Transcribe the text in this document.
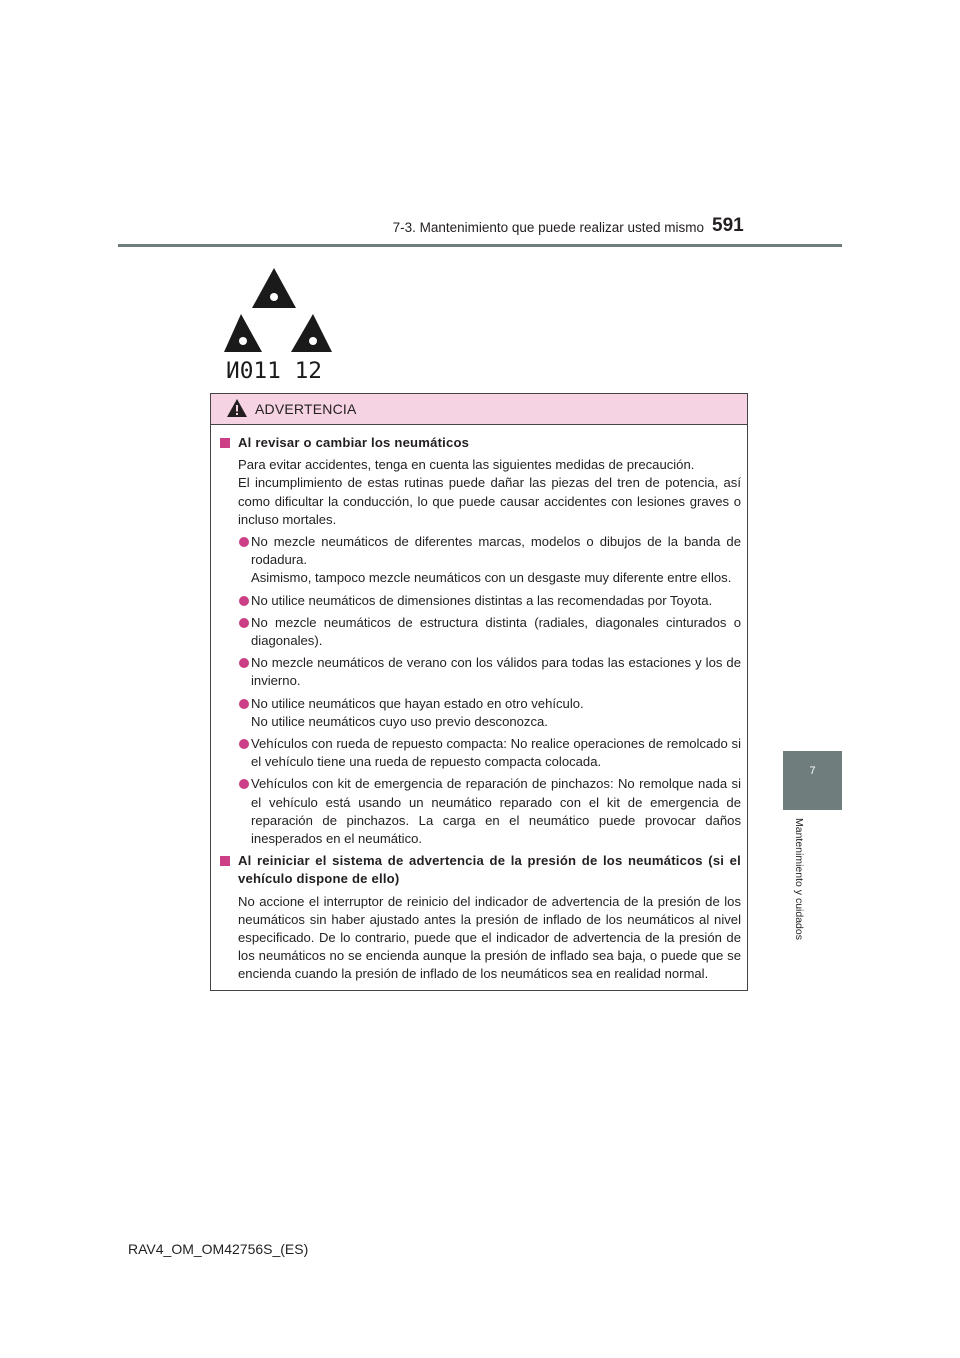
7-3. Mantenimiento que puede realizar usted mismo 591
7
Mantenimiento y cuidados
И011 12
ADVERTENCIA
Al revisar o cambiar los neumáticos
Para evitar accidentes, tenga en cuenta las siguientes medidas de precaución.
El incumplimiento de estas rutinas puede dañar las piezas del tren de potencia, así como dificultar la conducción, lo que puede causar accidentes con lesiones graves o incluso mortales.
No mezcle neumáticos de diferentes marcas, modelos o dibujos de la banda de rodadura.
Asimismo, tampoco mezcle neumáticos con un desgaste muy diferente entre ellos.
No utilice neumáticos de dimensiones distintas a las recomendadas por Toyota.
No mezcle neumáticos de estructura distinta (radiales, diagonales cinturados o diagonales).
No mezcle neumáticos de verano con los válidos para todas las estaciones y los de invierno.
No utilice neumáticos que hayan estado en otro vehículo.
No utilice neumáticos cuyo uso previo desconozca.
Vehículos con rueda de repuesto compacta: No realice operaciones de remolcado si el vehículo tiene una rueda de repuesto compacta colocada.
Vehículos con kit de emergencia de reparación de pinchazos: No remolque nada si el vehículo está usando un neumático reparado con el kit de emergencia de reparación de pinchazos. La carga en el neumático puede provocar daños inesperados en el neumático.
Al reiniciar el sistema de advertencia de la presión de los neumáticos (si el vehículo dispone de ello)
No accione el interruptor de reinicio del indicador de advertencia de la presión de los neumáticos sin haber ajustado antes la presión de inflado de los neumáticos al nivel especificado. De lo contrario, puede que el indicador de advertencia de la presión de los neumáticos no se encienda aunque la presión de inflado sea baja, o puede que se encienda cuando la presión de inflado de los neumáticos sea en realidad normal.
RAV4_OM_OM42756S_(ES)
